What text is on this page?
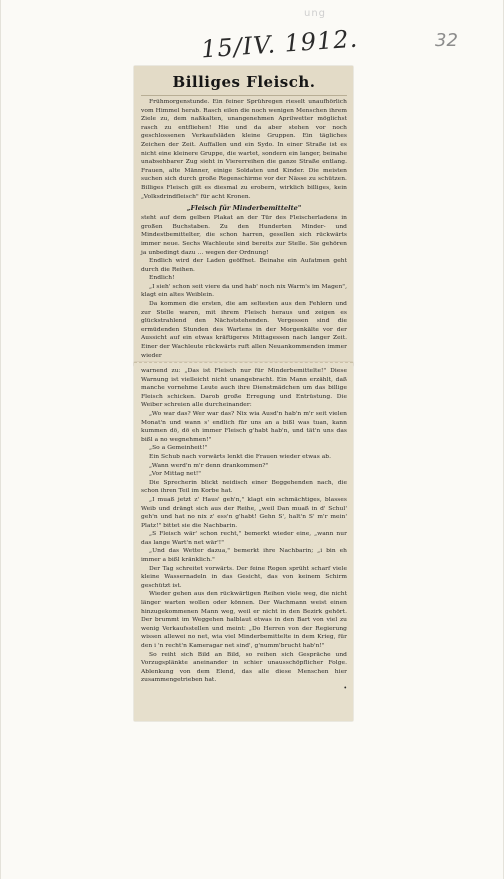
ung
15/IV. 1912.	32
Billiges Fleisch.

Frühmorgenstunde. Ein feiner Sprühregen rieselt unaufhörlich vom Himmel herab. Rasch eilen die noch wenigen Menschen ihrem Ziele zu, dem naßkalten, unangenehmen Aprilwetter möglichst rasch zu entfliehen! Hie und da aber stehen vor noch geschlossenen Verkaufsläden kleine Gruppen. Ein tägliches Zeichen der Zeit. Auffallen und ein Sydo. In einer Straße ist es nicht eine kleinere Gruppe, die wartet, sondern ein langer, beinahe unabsehbarer Zug sieht in Viererreihen die ganze Straße entlang. Frauen, alte Männer, einige Soldaten und Kinder. Die meisten suchen sich durch große Regenschirme vor der Nässe zu schützen. Billiges Fleisch gilt es diesmal zu erobern, wirklich billiges, kein „Volksdrindfleisch" für acht Kronen.

„Fleisch für Minderbemittelte"

steht auf dem gelben Plakat an der Tür des Fleischerladens in großen Buchstaben. Zu den Hunderten Minder- und Mindestbemittelter, die schon harren, gesellen sich rückwärts immer neue. Sechs Wachleute sind bereits zur Stelle. Sie gehören ja unbedingt dazu … wegen der Ordnung!

Endlich wird der Laden geöffnet. Beinahe ein Aufatmen geht durch die Reihen.

Endlich!

„I sieh' schon seit viere da und hab' noch nix Warm's im Magen", klagt ein altes Weiblein.

Da kommen die ersten, die am seltesten aus den Fehlern und zur Stelle waren, mit ihrem Fleisch heraus und zeigen es glückstrahlend den Nächststehenden. Vergessen sind die ermüdenden Stunden des Wartens in der Morgenkälte vor der Aussicht auf ein etwas kräftigeres Mittagessen nach langer Zeit. Einer der Wachleute rückwärts ruft allen Neuankommenden immer wieder

warnend zu: „Das ist Fleisch nur für Minderbemittelte!" Diese Warnung ist vielleicht nicht unangebracht. Ein Mann erzählt, daß manche vornehme Leute auch ihre Dienstmädchen um das billige Fleisch schicken. Darob große Erregung und Entrüstung. Die Weiber schreien alle durcheinander:

„Wo war das? Wer war das? Nix wia Ausd'n hab'n m'r seit vielen Monat'n und wann s' endlich für uns an a bißl was tuan, kann kummen dö, dö eh immer Fleisch g'habt hab'n, und tät'n uns das bißl a no wegnehmen!"

„So a Gemeinheit!"

Ein Schub nach vorwärts lenkt die Frauen wieder etwas ab.

„Wann werd'n m'r denn drankommen?"

„Vor Mittag net!"

Die Sprecherin blickt neidisch einer Beggehenden nach, die schon ihren Teil im Korbe hat.

„I muaß jetzt z' Haus' geh'n," klagt ein schmächtiges, blasses Weib und drängt sich aus der Reihe, „weil Dan muaß in d' Schul' geh'n und hat no nix z' ess'n g'habt! Gehn S', halt'n S' m'r mein' Platz!" bittet sie die Nachbarin.

„S Fleisch wär' schon recht," bemerkt wieder eine, „wann nur das lange Wart'n net wär'!"

„Und das Wetter dazua," bemerkt ihre Nachbarin; „i bin eh immer a bißl kränklich."

Der Tag schreitet vorwärts. Der feine Regen sprüht scharf viele kleine Wassernadeln in das Gesicht, das von keinem Schirm geschützt ist.

Wieder gehen aus den rückwärtigen Reihen viele weg, die nicht länger warten wollen oder können. Der Wachmann weist einen hinzugekommenen Mann weg, weil er nicht in den Bezirk gehört. Der brummt im Weggehen halblaut etwas in den Bart von viel zu wenig Verkaufsstellen und meint: „Do Herren von der Regierung wissen allewei no net, wia viel Minderbemittelte in dem Krieg, für den i 'n recht'n Kameragar net sind', g'numm'brucht hab'n!"

So reiht sich Bild an Bild, so reihen sich Gespräche und Vorzugsplänkte aneinander in schier unausschöpflicher Folge. Ablenkung von dem Elend, das alle diese Menschen hier zusammengetrieben hat.

•
